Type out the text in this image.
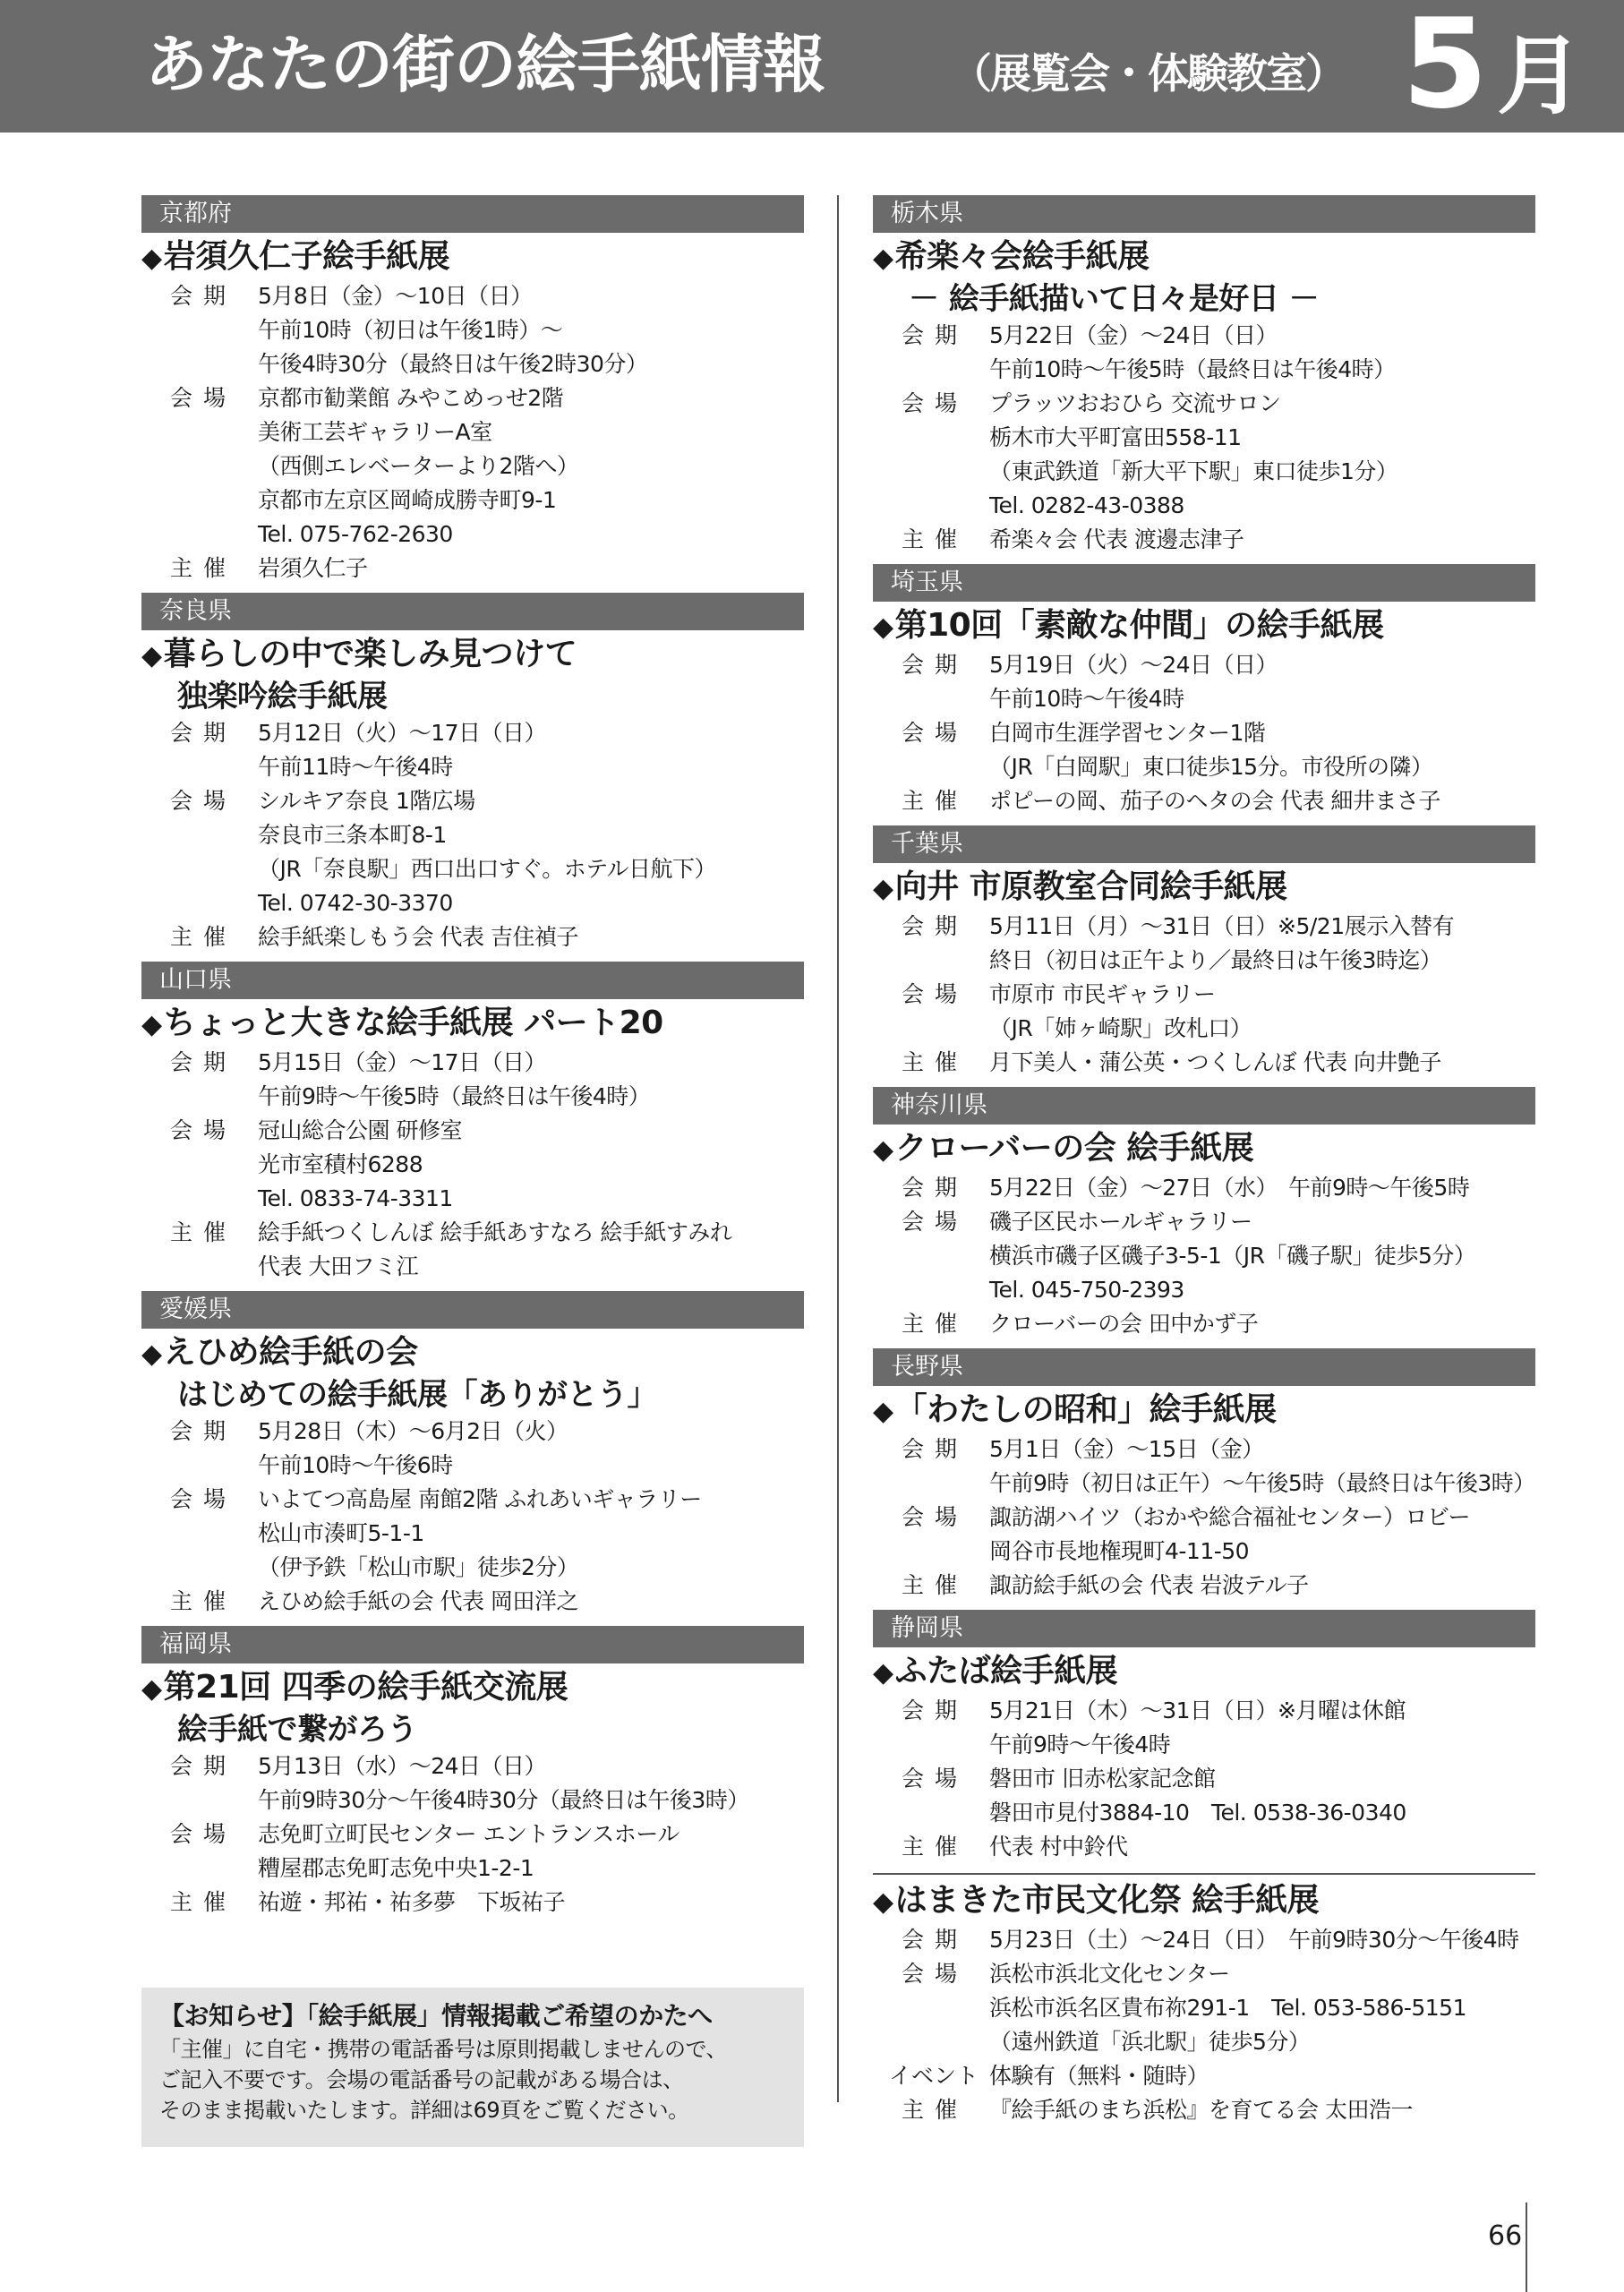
あなたの街の絵手紙情報	（展覧会・体験教室） 5 月
京都府
◆岩須久仁子絵手紙展
会期 5月8日（金）～10日（日）
午前10時（初日は午後1時）～
午後4時30分（最終日は午後2時30分）
会場 京都市勧業館 みやこめっせ2階
美術工芸ギャラリーA室
（西側エレベーターより2階へ）
京都市左京区岡崎成勝寺町9-1
Tel. 075-762-2630
主催 岩須久仁子
奈良県
◆暮らしの中で楽しみ見つけて
独楽吟絵手紙展
会期 5月12日（火）～17日（日）
午前11時～午後4時
会場 シルキア奈良 1階広場
奈良市三条本町8-1
（JR「奈良駅」西口出口すぐ。ホテル日航下）
Tel. 0742-30-3370
主催 絵手紙楽しもう会 代表 吉住禎子
山口県
◆ちょっと大きな絵手紙展 パート20
会期 5月15日（金）～17日（日）
午前9時～午後5時（最終日は午後4時）
会場 冠山総合公園 研修室
光市室積村6288
Tel. 0833-74-3311
主催 絵手紙つくしんぼ 絵手紙あすなろ 絵手紙すみれ
代表 大田フミ江
愛媛県
◆えひめ絵手紙の会
はじめての絵手紙展「ありがとう」
会期 5月28日（木）～6月2日（火）
午前10時～午後6時
会場 いよてつ高島屋 南館2階 ふれあいギャラリー
松山市湊町5-1-1
（伊予鉄「松山市駅」徒歩2分）
主催 えひめ絵手紙の会 代表 岡田洋之
福岡県
◆第21回 四季の絵手紙交流展
絵手紙で繋がろう
会期 5月13日（水）～24日（日）
午前9時30分～午後4時30分（最終日は午後3時）
会場 志免町立町民センター エントランスホール
糟屋郡志免町志免中央1-2-1
主催 祐遊・邦祐・祐多夢　下坂祐子
栃木県
◆希楽々会絵手紙展
－ 絵手紙描いて日々是好日 －
会期 5月22日（金）～24日（日）
午前10時～午後5時（最終日は午後4時）
会場 プラッツおおひら 交流サロン
栃木市大平町富田558-11
（東武鉄道「新大平下駅」東口徒歩1分）
Tel. 0282-43-0388
主催 希楽々会 代表 渡邊志津子
埼玉県
◆第10回「素敵な仲間」の絵手紙展
会期 5月19日（火）～24日（日）
午前10時～午後4時
会場 白岡市生涯学習センター1階
（JR「白岡駅」東口徒歩15分。市役所の隣）
主催 ポピーの岡、茄子のヘタの会 代表 細井まさ子
千葉県
◆向井 市原教室合同絵手紙展
会期 5月11日（月）～31日（日）※5/21展示入替有
終日（初日は正午より／最終日は午後3時迄）
会場 市原市 市民ギャラリー
（JR「姉ヶ崎駅」改札口）
主催 月下美人・蒲公英・つくしんぼ 代表 向井艶子
神奈川県
◆クローバーの会 絵手紙展
会期 5月22日（金）～27日（水）　午前9時～午後5時
会場 磯子区民ホールギャラリー
横浜市磯子区磯子3-5-1（JR「磯子駅」徒歩5分）
Tel. 045-750-2393
主催 クローバーの会 田中かず子
長野県
◆「わたしの昭和」絵手紙展
会期 5月1日（金）～15日（金）
午前9時（初日は正午）～午後5時（最終日は午後3時）
会場 諏訪湖ハイツ（おかや総合福祉センター）ロビー
岡谷市長地権現町4-11-50
主催 諏訪絵手紙の会 代表 岩波テル子
静岡県
◆ふたば絵手紙展
会期 5月21日（木）～31日（日）※月曜は休館
午前9時～午後4時
会場 磐田市 旧赤松家記念館
磐田市見付3884-10　Tel. 0538-36-0340
主催 代表 村中鈴代
◆はまきた市民文化祭 絵手紙展
会期 5月23日（土）～24日（日）　午前9時30分～午後4時
会場 浜松市浜北文化センター
浜松市浜名区貴布祢291-1　Tel. 053-586-5151
（遠州鉄道「浜北駅」徒歩5分）
イベント 体験有（無料・随時）
主催 『絵手紙のまち浜松』を育てる会 太田浩一
【お知らせ】「絵手紙展」情報掲載ご希望のかたへ
「主催」に自宅・携帯の電話番号は原則掲載しませんので、
ご記入不要です。会場の電話番号の記載がある場合は、
そのまま掲載いたします。詳細は69頁をご覧ください。
66
